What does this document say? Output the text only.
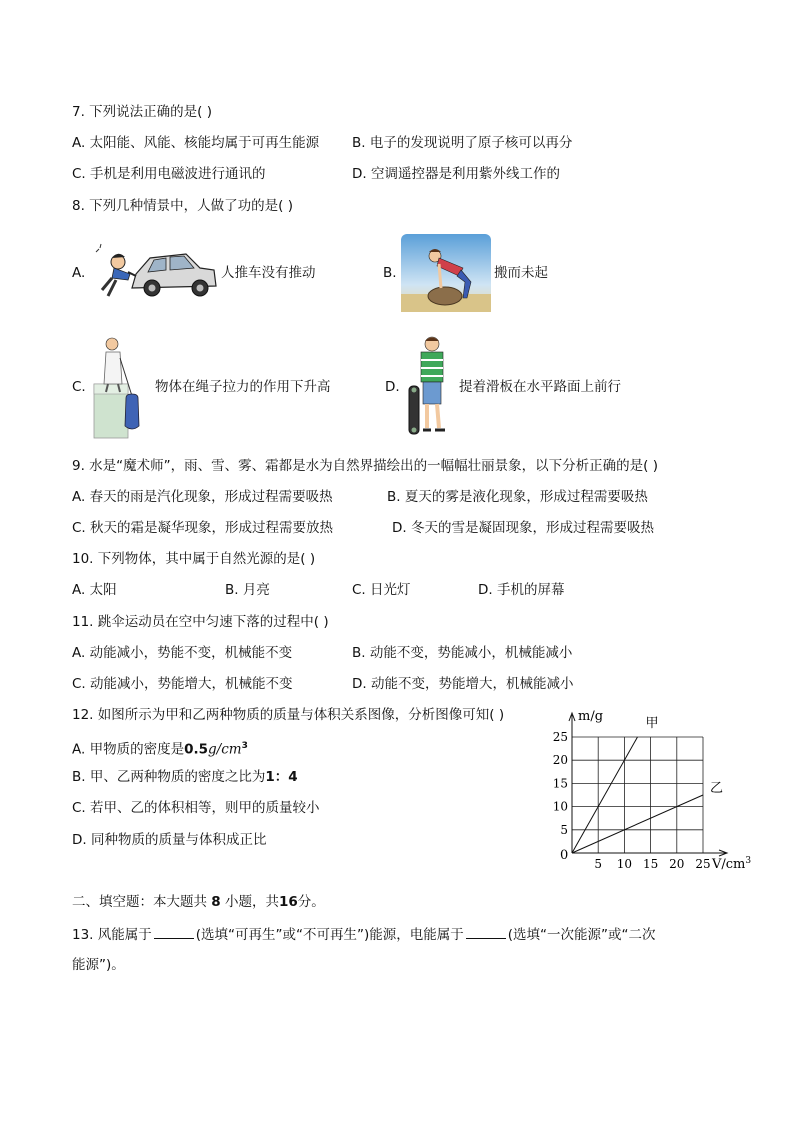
7. 下列说法正确的是( )
A. 太阳能、风能、核能均属于可再生能源 B. 电子的发现说明了原子核可以再分
C. 手机是利用电磁波进行通讯的	D. 空调遥控器是利用紫外线工作的
8. 下列几种情景中，人做了功的是( )
A.	人推车没有推动	B.	搬而未起
C.	物体在绳子拉力的作用下升高	D.	提着滑板在水平路面上前行
9. 水是“魔术师”，雨、雪、雾、霜都是水为自然界描绘出的一幅幅壮丽景象，以下分析正确的是( )
A. 春天的雨是汽化现象，形成过程需要吸热	B. 夏天的雾是液化现象，形成过程需要吸热
C. 秋天的霜是凝华现象，形成过程需要放热	D. 冬天的雪是凝固现象，形成过程需要吸热
10. 下列物体，其中属于自然光源的是( )
A. 太阳	B. 月亮	C. 日光灯	D. 手机的屏幕
11. 跳伞运动员在空中匀速下落的过程中( )
A. 动能减小，势能不变，机械能不变	B. 动能不变，势能减小，机械能减小
C. 动能减小，势能增大，机械能不变	D. 动能不变，势能增大，机械能减小
12. 如图所示为甲和乙两种物质的质量与体积关系图像，分析图像可知( )
A. 甲物质的密度是$0.5g/cm^3$
B. 甲、乙两种物质的密度之比为1：4
C. 若甲、乙的体积相等，则甲的质量较小
D. 同种物质的质量与体积成正比
甲
乙
5 10 15 20 25
5
10
15
20
25
m/g
$V/cm^3$
0
二、填空题：本大题共 8 小题，共16分。
13. 风能属于	(选填“可再生”或“不可再生”)能源，电能属于	(选填“一次能源”或“二次
能源”)。
